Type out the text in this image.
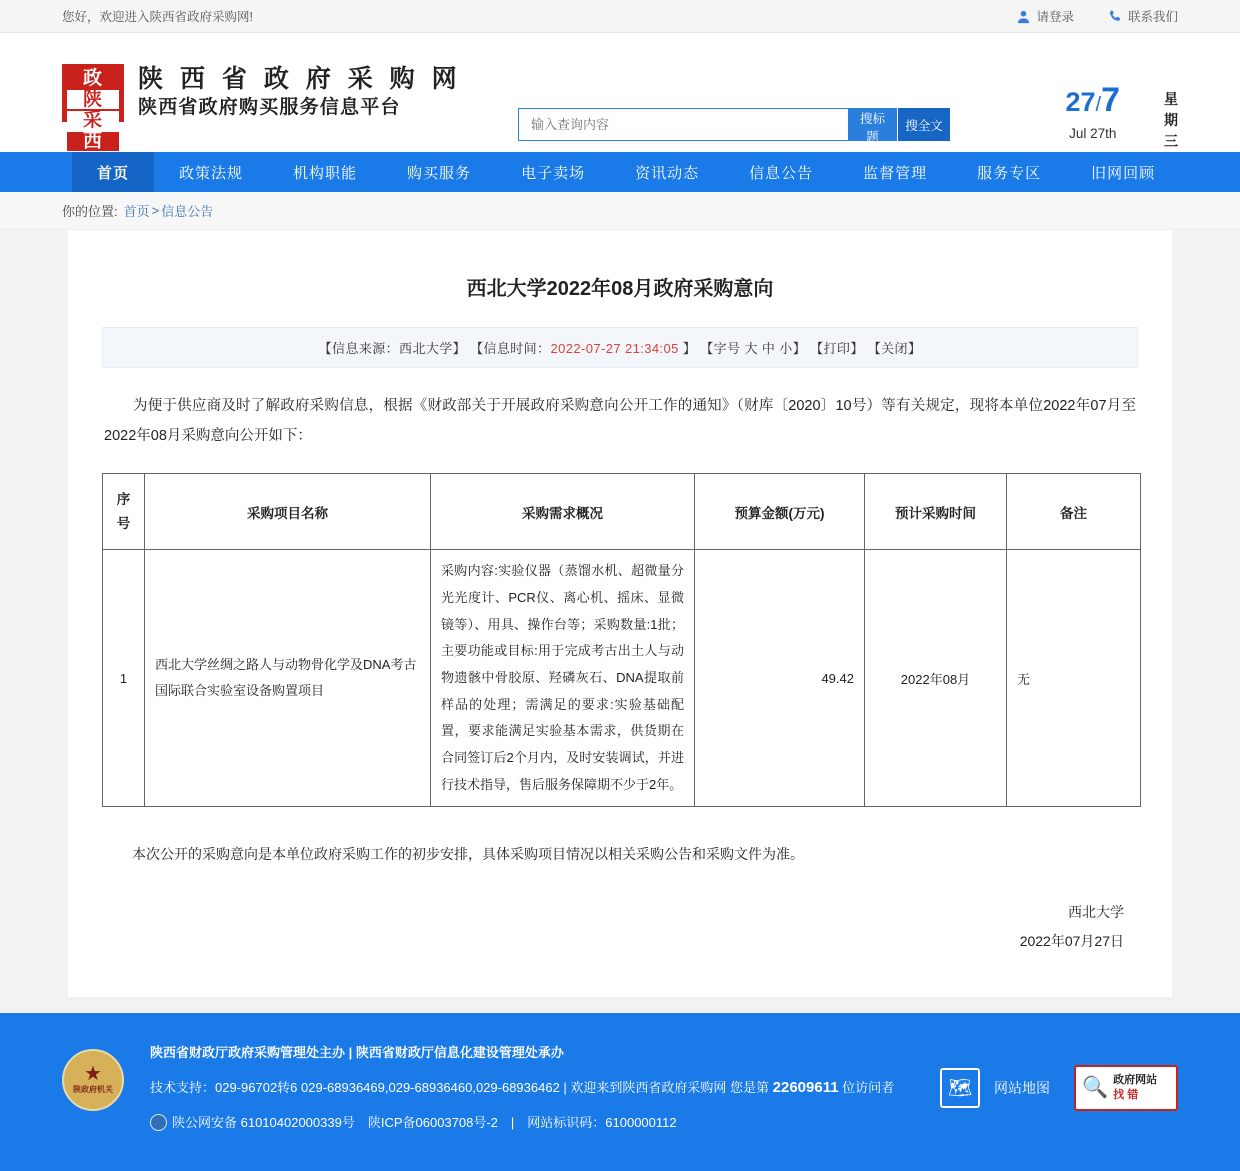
您好，欢迎进入陕西省政府采购网!	请登录	联系我们
政
陕
采
西
陕 西 省 政 府 采 购 网
陕西省政府购买服务信息平台
输入查询内容
搜标题
搜全文
27/7
Jul 27th
星
期
三
首页	政策法规	机构职能	购买服务	电子卖场	资讯动态	信息公告	监督管理	服务专区	旧网回顾
你的位置: 首页 > 信息公告
西北大学2022年08月政府采购意向
【信息来源：西北大学】 【信息时间：2022-07-27 21:34:05 】 【字号 大 中 小】 【打印】 【关闭】

为便于供应商及时了解政府采购信息，根据《财政部关于开展政府采购意向公开工作的通知》（财库〔2020〕10号）等有关规定，现将本单位2022年07月至2022年08月采购意向公开如下：

序 号	采购项目名称	采购需求概况	预算金额(万元)	预计采购时间	备注
1	西北大学丝绸之路人与动物骨化学及DNA考古国际联合实验室设备购置项目	采购内容:实验仪器（蒸馏水机、超微量分光光度计、PCR仪、离心机、摇床、显微镜等）、用具、操作台等；采购数量:1批；主要功能或目标:用于完成考古出土人与动物遗骸中骨胶原、羟磷灰石、DNA提取前样品的处理；需满足的要求:实验基础配置，要求能满足实验基本需求，供货期在合同签订后2个月内，及时安装调试，并进行技术指导，售后服务保障期不少于2年。	49.42	2022年08月	无

本次公开的采购意向是本单位政府采购工作的初步安排，具体采购项目情况以相关采购公告和采购文件为准。

西北大学
2022年07月27日
★
陕政府机关
陕西省财政厅政府采购管理处主办 | 陕西省财政厅信息化建设管理处承办
技术支持：029-96702转6 029-68936469,029-68936460,029-68936462 | 欢迎来到陕西省政府采购网 您是第 22609611 位访问者
陕公网安备 61010402000339号　陕ICP备06003708号-2　|　网站标识码：6100000112
🗺	网站地图 🔍 政府网站
找 错
